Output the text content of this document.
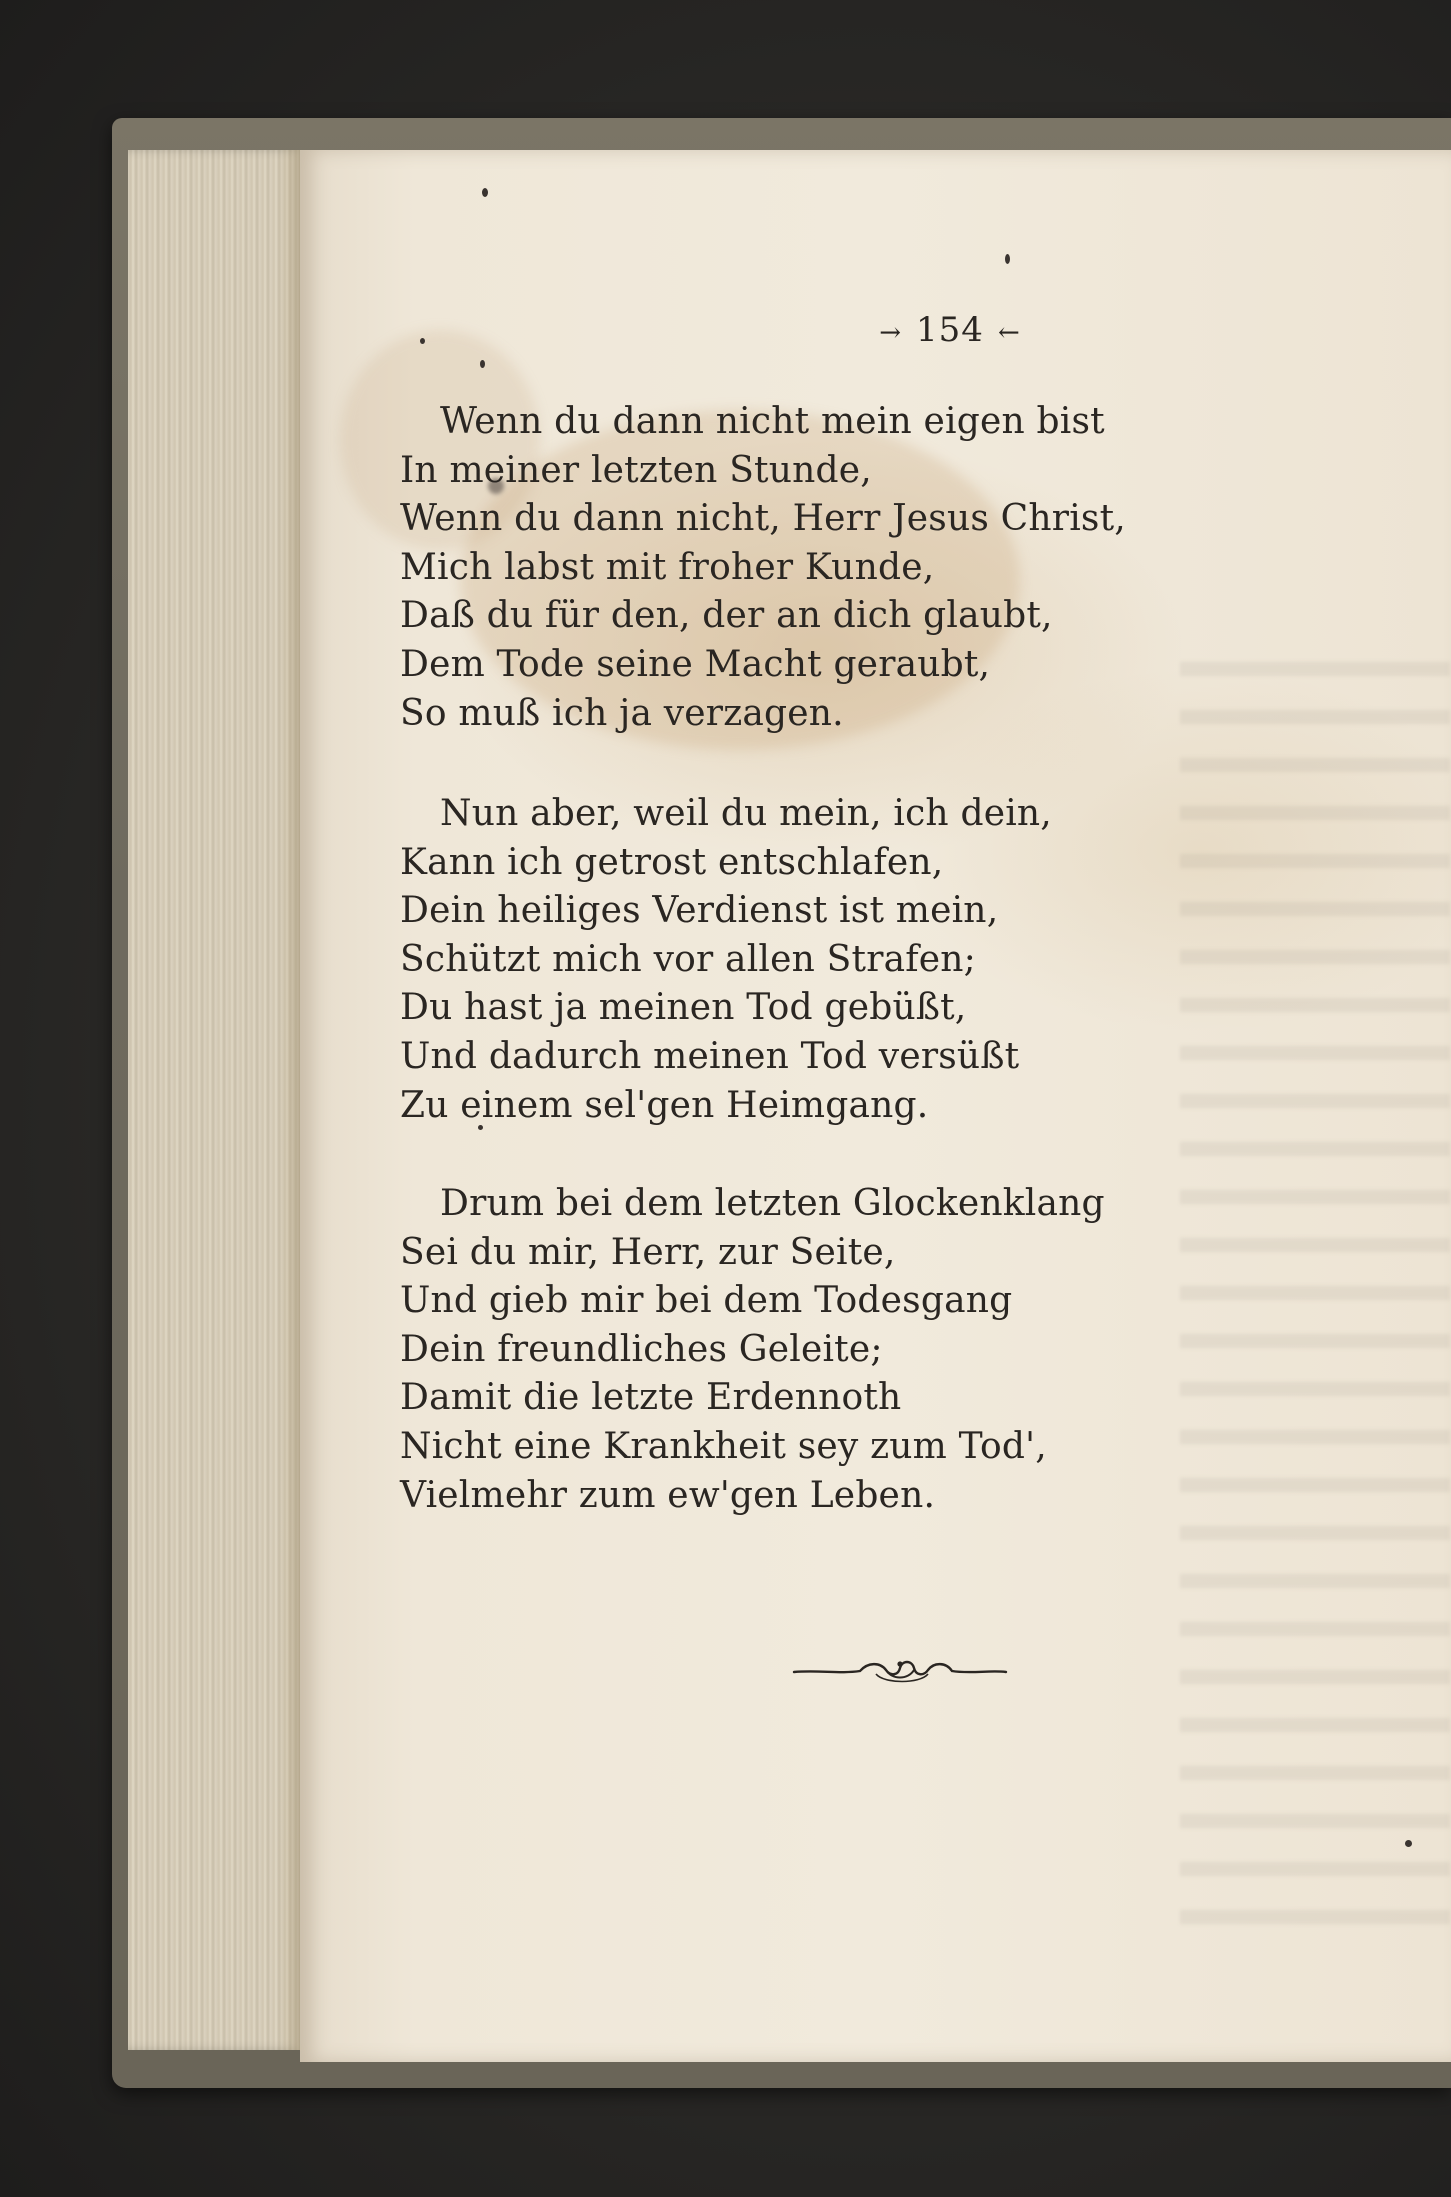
→ 154 ←
Wenn du dann nicht mein eigen bist
In meiner letzten Stunde,
Wenn du dann nicht, Herr Jesus Christ,
Mich labst mit froher Kunde,
Daß du für den, der an dich glaubt,
Dem Tode seine Macht geraubt,
So muß ich ja verzagen.
Nun aber, weil du mein, ich dein,
Kann ich getrost entschlafen,
Dein heiliges Verdienst ist mein,
Schützt mich vor allen Strafen;
Du hast ja meinen Tod gebüßt,
Und dadurch meinen Tod versüßt
Zu einem sel'gen Heimgang.
Drum bei dem letzten Glockenklang
Sei du mir, Herr, zur Seite,
Und gieb mir bei dem Todesgang
Dein freundliches Geleite;
Damit die letzte Erdennoth
Nicht eine Krankheit sey zum Tod',
Vielmehr zum ew'gen Leben.
